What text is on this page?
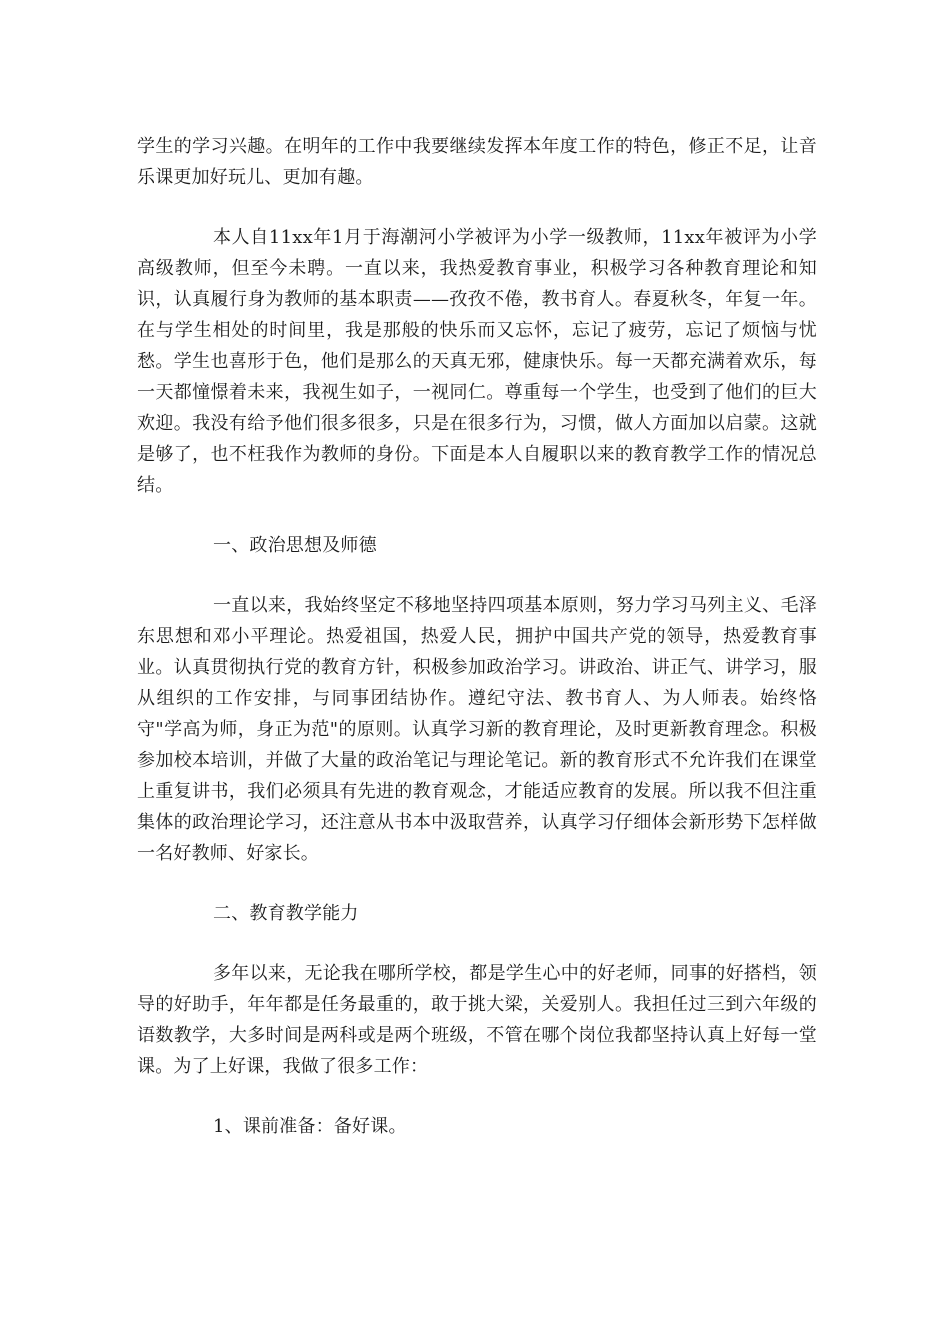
学生的学习兴趣。在明年的工作中我要继续发挥本年度工作的特色，修正不足，让音乐课更加好玩儿、更加有趣。

本人自11xx年1月于海潮河小学被评为小学一级教师，11xx年被评为小学高级教师，但至今未聘。一直以来，我热爱教育事业，积极学习各种教育理论和知识，认真履行身为教师的基本职责——孜孜不倦，教书育人。春夏秋冬，年复一年。在与学生相处的时间里，我是那般的快乐而又忘怀，忘记了疲劳，忘记了烦恼与忧愁。学生也喜形于色，他们是那么的天真无邪，健康快乐。每一天都充满着欢乐，每一天都憧憬着未来，我视生如子，一视同仁。尊重每一个学生，也受到了他们的巨大欢迎。我没有给予他们很多很多，只是在很多行为，习惯，做人方面加以启蒙。这就是够了，也不枉我作为教师的身份。下面是本人自履职以来的教育教学工作的情况总结。

一、政治思想及师德

一直以来，我始终坚定不移地坚持四项基本原则，努力学习马列主义、毛泽东思想和邓小平理论。热爱祖国，热爱人民，拥护中国共产党的领导，热爱教育事业。认真贯彻执行党的教育方针，积极参加政治学习。讲政治、讲正气、讲学习，服从组织的工作安排，与同事团结协作。遵纪守法、教书育人、为人师表。始终恪守"学高为师，身正为范"的原则。认真学习新的教育理论，及时更新教育理念。积极参加校本培训，并做了大量的政治笔记与理论笔记。新的教育形式不允许我们在课堂上重复讲书，我们必须具有先进的教育观念，才能适应教育的发展。所以我不但注重集体的政治理论学习，还注意从书本中汲取营养，认真学习仔细体会新形势下怎样做一名好教师、好家长。

二、教育教学能力

多年以来，无论我在哪所学校，都是学生心中的好老师，同事的好搭档，领导的好助手，年年都是任务最重的，敢于挑大梁，关爱别人。我担任过三到六年级的语数教学，大多时间是两科或是两个班级，不管在哪个岗位我都坚持认真上好每一堂课。为了上好课，我做了很多工作：

1、课前准备：备好课。
